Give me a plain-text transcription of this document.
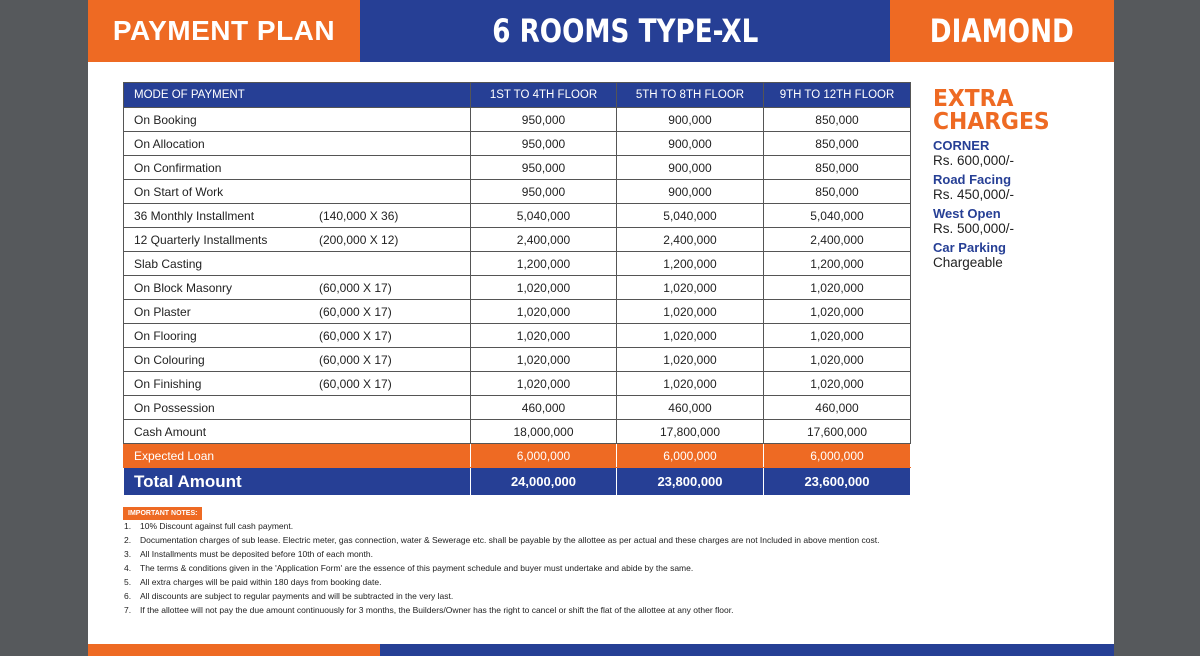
PAYMENT PLAN	6 ROOMS TYPE-XL	DIAMOND
MODE OF PAYMENT	1ST TO 4TH FLOOR	5TH TO 8TH FLOOR	9TH TO 12TH FLOOR
On Booking	950,000	900,000	850,000
On Allocation	950,000	900,000	850,000
On Confirmation	950,000	900,000	850,000
On Start of Work	950,000	900,000	850,000
36 Monthly Installment (140,000 X 36)	5,040,000	5,040,000	5,040,000
12 Quarterly Installments (200,000 X 12)	2,400,000	2,400,000	2,400,000
Slab Casting	1,200,000	1,200,000	1,200,000
On Block Masonry (60,000 X 17)	1,020,000	1,020,000	1,020,000
On Plaster (60,000 X 17)	1,020,000	1,020,000	1,020,000
On Flooring (60,000 X 17)	1,020,000	1,020,000	1,020,000
On Colouring (60,000 X 17)	1,020,000	1,020,000	1,020,000
On Finishing (60,000 X 17)	1,020,000	1,020,000	1,020,000
On Possession	460,000	460,000	460,000
Cash Amount	18,000,000	17,800,000	17,600,000
Expected Loan	6,000,000	6,000,000	6,000,000
Total Amount	24,000,000	23,800,000	23,600,000
EXTRA
CHARGES
CORNER
Rs. 600,000/-
Road Facing
Rs. 450,000/-
West Open
Rs. 500,000/-
Car Parking
Chargeable
IMPORTANT NOTES:
1.	10% Discount against full cash payment.
2.	Documentation charges of sub lease. Electric meter, gas connection, water & Sewerage etc. shall be payable by the allottee as per actual and these charges are not Included in above mention cost.
3.	All Installments must be deposited before 10th of each month.
4.	The terms & conditions given in the 'Application Form' are the essence of this payment schedule and buyer must undertake and abide by the same.
5.	All extra charges will be paid within 180 days from booking date.
6.	All discounts are subject to regular payments and will be subtracted in the very last.
7.	If the allottee will not pay the due amount continuously for 3 months, the Builders/Owner has the right to cancel or shift the flat of the allottee at any other floor.
